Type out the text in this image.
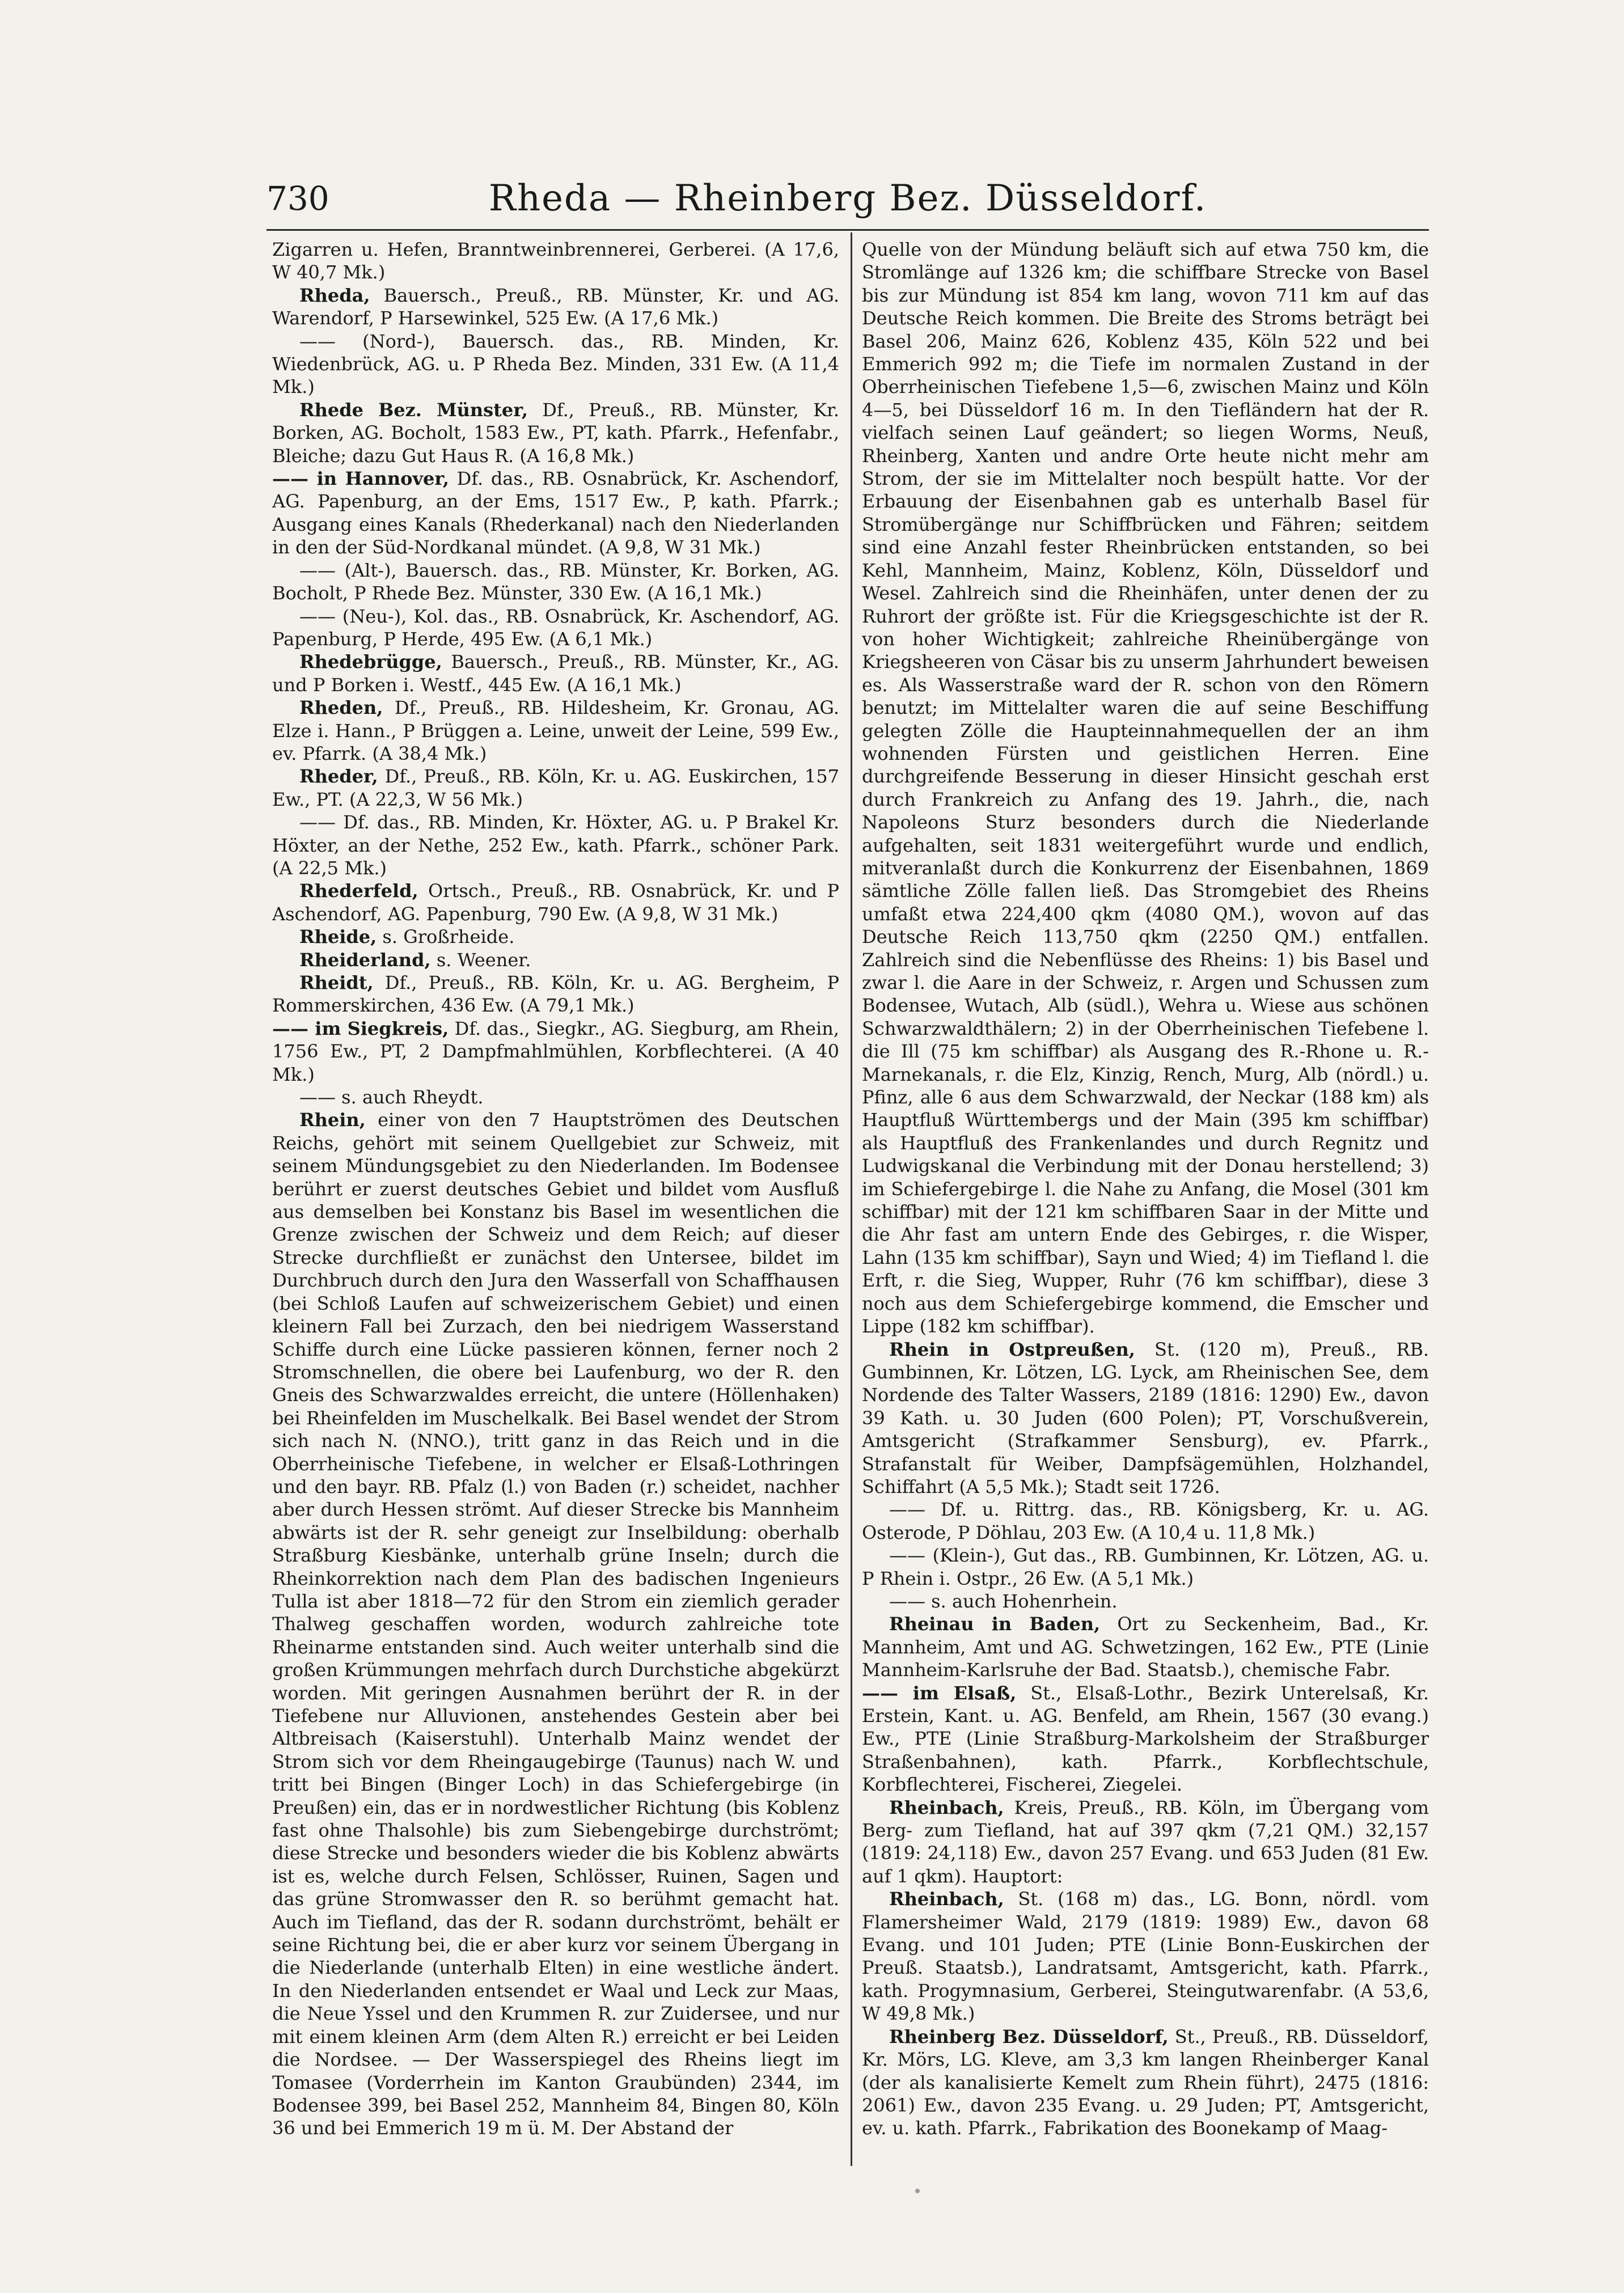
730	Rheda — Rheinberg Bez. Düsseldorf.

Zigarren u. Hefen, Branntweinbrennerei, Gerberei. (A 17,6, W 40,7 Mk.)

Rheda, Bauersch., Preuß., RB. Münster, Kr. und AG. Warendorf, P Harsewinkel, 525 Ew. (A 17,6 Mk.)

—— (Nord-), Bauersch. das., RB. Minden, Kr. Wiedenbrück, AG. u. P Rheda Bez. Minden, 331 Ew. (A 11,4 Mk.)

Rhede Bez. Münster, Df., Preuß., RB. Münster, Kr. Borken, AG. Bocholt, 1583 Ew., PT, kath. Pfarrk., Hefenfabr., Bleiche; dazu Gut Haus R. (A 16,8 Mk.)

—— in Hannover, Df. das., RB. Osnabrück, Kr. Aschendorf, AG. Papenburg, an der Ems, 1517 Ew., P, kath. Pfarrk.; Ausgang eines Kanals (Rhederkanal) nach den Niederlanden in den der Süd-Nordkanal mündet. (A 9,8, W 31 Mk.)

—— (Alt-), Bauersch. das., RB. Münster, Kr. Borken, AG. Bocholt, P Rhede Bez. Münster, 330 Ew. (A 16,1 Mk.)

—— (Neu-), Kol. das., RB. Osnabrück, Kr. Aschendorf, AG. Papenburg, P Herde, 495 Ew. (A 6,1 Mk.)

Rhedebrügge, Bauersch., Preuß., RB. Münster, Kr., AG. und P Borken i. Westf., 445 Ew. (A 16,1 Mk.)

Rheden, Df., Preuß., RB. Hildesheim, Kr. Gronau, AG. Elze i. Hann., P Brüggen a. Leine, unweit der Leine, 599 Ew., ev. Pfarrk. (A 38,4 Mk.)

Rheder, Df., Preuß., RB. Köln, Kr. u. AG. Euskirchen, 157 Ew., PT. (A 22,3, W 56 Mk.)

—— Df. das., RB. Minden, Kr. Höxter, AG. u. P Brakel Kr. Höxter, an der Nethe, 252 Ew., kath. Pfarrk., schöner Park. (A 22,5 Mk.)

Rhederfeld, Ortsch., Preuß., RB. Osnabrück, Kr. und P Aschendorf, AG. Papenburg, 790 Ew. (A 9,8, W 31 Mk.)

Rheide, s. Großrheide.

Rheiderland, s. Weener.

Rheidt, Df., Preuß., RB. Köln, Kr. u. AG. Bergheim, P Rommerskirchen, 436 Ew. (A 79,1 Mk.)

—— im Siegkreis, Df. das., Siegkr., AG. Siegburg, am Rhein, 1756 Ew., PT, 2 Dampfmahlmühlen, Korbflechterei. (A 40 Mk.)

—— s. auch Rheydt.

Rhein, einer von den 7 Hauptströmen des Deutschen Reichs, gehört mit seinem Quellgebiet zur Schweiz, mit seinem Mündungsgebiet zu den Niederlanden. Im Bodensee berührt er zuerst deutsches Gebiet und bildet vom Ausfluß aus demselben bei Konstanz bis Basel im wesentlichen die Grenze zwischen der Schweiz und dem Reich; auf dieser Strecke durchfließt er zunächst den Untersee, bildet im Durchbruch durch den Jura den Wasserfall von Schaffhausen (bei Schloß Laufen auf schweizerischem Gebiet) und einen kleinern Fall bei Zurzach, den bei niedrigem Wasserstand Schiffe durch eine Lücke passieren können, ferner noch 2 Stromschnellen, die obere bei Laufenburg, wo der R. den Gneis des Schwarzwaldes erreicht, die untere (Höllenhaken) bei Rheinfelden im Muschelkalk. Bei Basel wendet der Strom sich nach N. (NNO.), tritt ganz in das Reich und in die Oberrheinische Tiefebene, in welcher er Elsaß-Lothringen und den bayr. RB. Pfalz (l.) von Baden (r.) scheidet, nachher aber durch Hessen strömt. Auf dieser Strecke bis Mannheim abwärts ist der R. sehr geneigt zur Inselbildung: oberhalb Straßburg Kiesbänke, unterhalb grüne Inseln; durch die Rheinkorrektion nach dem Plan des badischen Ingenieurs Tulla ist aber 1818—72 für den Strom ein ziemlich gerader Thalweg geschaffen worden, wodurch zahlreiche tote Rheinarme entstanden sind. Auch weiter unterhalb sind die großen Krümmungen mehrfach durch Durchstiche abgekürzt worden. Mit geringen Ausnahmen berührt der R. in der Tiefebene nur Alluvionen, anstehendes Gestein aber bei Altbreisach (Kaiserstuhl). Unterhalb Mainz wendet der Strom sich vor dem Rheingaugebirge (Taunus) nach W. und tritt bei Bingen (Binger Loch) in das Schiefergebirge (in Preußen) ein, das er in nordwestlicher Richtung (bis Koblenz fast ohne Thalsohle) bis zum Siebengebirge durchströmt; diese Strecke und besonders wieder die bis Koblenz abwärts ist es, welche durch Felsen, Schlösser, Ruinen, Sagen und das grüne Stromwasser den R. so berühmt gemacht hat. Auch im Tiefland, das der R. sodann durchströmt, behält er seine Richtung bei, die er aber kurz vor seinem Übergang in die Niederlande (unterhalb Elten) in eine westliche ändert. In den Niederlanden entsendet er Waal und Leck zur Maas, die Neue Yssel und den Krummen R. zur Zuidersee, und nur mit einem kleinen Arm (dem Alten R.) erreicht er bei Leiden die Nordsee. — Der Wasserspiegel des Rheins liegt im Tomasee (Vorderrhein im Kanton Graubünden) 2344, im Bodensee 399, bei Basel 252, Mannheim 84, Bingen 80, Köln 36 und bei Emmerich 19 m ü. M. Der Abstand der

Quelle von der Mündung beläuft sich auf etwa 750 km, die Stromlänge auf 1326 km; die schiffbare Strecke von Basel bis zur Mündung ist 854 km lang, wovon 711 km auf das Deutsche Reich kommen. Die Breite des Stroms beträgt bei Basel 206, Mainz 626, Koblenz 435, Köln 522 und bei Emmerich 992 m; die Tiefe im normalen Zustand in der Oberrheinischen Tiefebene 1,5—6, zwischen Mainz und Köln 4—5, bei Düsseldorf 16 m. In den Tiefländern hat der R. vielfach seinen Lauf geändert; so liegen Worms, Neuß, Rheinberg, Xanten und andre Orte heute nicht mehr am Strom, der sie im Mittelalter noch bespült hatte. Vor der Erbauung der Eisenbahnen gab es unterhalb Basel für Stromübergänge nur Schiffbrücken und Fähren; seitdem sind eine Anzahl fester Rheinbrücken entstanden, so bei Kehl, Mannheim, Mainz, Koblenz, Köln, Düsseldorf und Wesel. Zahlreich sind die Rheinhäfen, unter denen der zu Ruhrort der größte ist. Für die Kriegsgeschichte ist der R. von hoher Wichtigkeit; zahlreiche Rheinübergänge von Kriegsheeren von Cäsar bis zu unserm Jahrhundert beweisen es. Als Wasserstraße ward der R. schon von den Römern benutzt; im Mittelalter waren die auf seine Beschiffung gelegten Zölle die Haupteinnahmequellen der an ihm wohnenden Fürsten und geistlichen Herren. Eine durchgreifende Besserung in dieser Hinsicht geschah erst durch Frankreich zu Anfang des 19. Jahrh., die, nach Napoleons Sturz besonders durch die Niederlande aufgehalten, seit 1831 weitergeführt wurde und endlich, mitveranlaßt durch die Konkurrenz der Eisenbahnen, 1869 sämtliche Zölle fallen ließ. Das Stromgebiet des Rheins umfaßt etwa 224,400 qkm (4080 QM.), wovon auf das Deutsche Reich 113,750 qkm (2250 QM.) entfallen. Zahlreich sind die Nebenflüsse des Rheins: 1) bis Basel und zwar l. die Aare in der Schweiz, r. Argen und Schussen zum Bodensee, Wutach, Alb (südl.), Wehra u. Wiese aus schönen Schwarzwaldthälern; 2) in der Oberrheinischen Tiefebene l. die Ill (75 km schiffbar) als Ausgang des R.-Rhone u. R.-Marnekanals, r. die Elz, Kinzig, Rench, Murg, Alb (nördl.) u. Pfinz, alle 6 aus dem Schwarzwald, der Neckar (188 km) als Hauptfluß Württembergs und der Main (395 km schiffbar) als Hauptfluß des Frankenlandes und durch Regnitz und Ludwigskanal die Verbindung mit der Donau herstellend; 3) im Schiefergebirge l. die Nahe zu Anfang, die Mosel (301 km schiffbar) mit der 121 km schiffbaren Saar in der Mitte und die Ahr fast am untern Ende des Gebirges, r. die Wisper, Lahn (135 km schiffbar), Sayn und Wied; 4) im Tiefland l. die Erft, r. die Sieg, Wupper, Ruhr (76 km schiffbar), diese 3 noch aus dem Schiefergebirge kommend, die Emscher und Lippe (182 km schiffbar).

Rhein in Ostpreußen, St. (120 m), Preuß., RB. Gumbinnen, Kr. Lötzen, LG. Lyck, am Rheinischen See, dem Nordende des Talter Wassers, 2189 (1816: 1290) Ew., davon 39 Kath. u. 30 Juden (600 Polen); PT, Vorschußverein, Amtsgericht (Strafkammer Sensburg), ev. Pfarrk., Strafanstalt für Weiber, Dampfsägemühlen, Holzhandel, Schiffahrt (A 5,5 Mk.); Stadt seit 1726.

—— Df. u. Rittrg. das., RB. Königsberg, Kr. u. AG. Osterode, P Döhlau, 203 Ew. (A 10,4 u. 11,8 Mk.)

—— (Klein-), Gut das., RB. Gumbinnen, Kr. Lötzen, AG. u. P Rhein i. Ostpr., 26 Ew. (A 5,1 Mk.)

—— s. auch Hohenrhein.

Rheinau in Baden, Ort zu Seckenheim, Bad., Kr. Mannheim, Amt und AG. Schwetzingen, 162 Ew., PTE (Linie Mannheim-Karlsruhe der Bad. Staatsb.), chemische Fabr.

—— im Elsaß, St., Elsaß-Lothr., Bezirk Unterelsaß, Kr. Erstein, Kant. u. AG. Benfeld, am Rhein, 1567 (30 evang.) Ew., PTE (Linie Straßburg-Markolsheim der Straßburger Straßenbahnen), kath. Pfarrk., Korbflechtschule, Korbflechterei, Fischerei, Ziegelei.

Rheinbach, Kreis, Preuß., RB. Köln, im Übergang vom Berg- zum Tiefland, hat auf 397 qkm (7,21 QM.) 32,157 (1819: 24,118) Ew., davon 257 Evang. und 653 Juden (81 Ew. auf 1 qkm). Hauptort:

Rheinbach, St. (168 m) das., LG. Bonn, nördl. vom Flamersheimer Wald, 2179 (1819: 1989) Ew., davon 68 Evang. und 101 Juden; PTE (Linie Bonn-Euskirchen der Preuß. Staatsb.), Landratsamt, Amtsgericht, kath. Pfarrk., kath. Progymnasium, Gerberei, Steingutwarenfabr. (A 53,6, W 49,8 Mk.)

Rheinberg Bez. Düsseldorf, St., Preuß., RB. Düsseldorf, Kr. Mörs, LG. Kleve, am 3,3 km langen Rheinberger Kanal (der als kanalisierte Kemelt zum Rhein führt), 2475 (1816: 2061) Ew., davon 235 Evang. u. 29 Juden; PT, Amtsgericht, ev. u. kath. Pfarrk., Fabrikation des Boonekamp of Maag-
